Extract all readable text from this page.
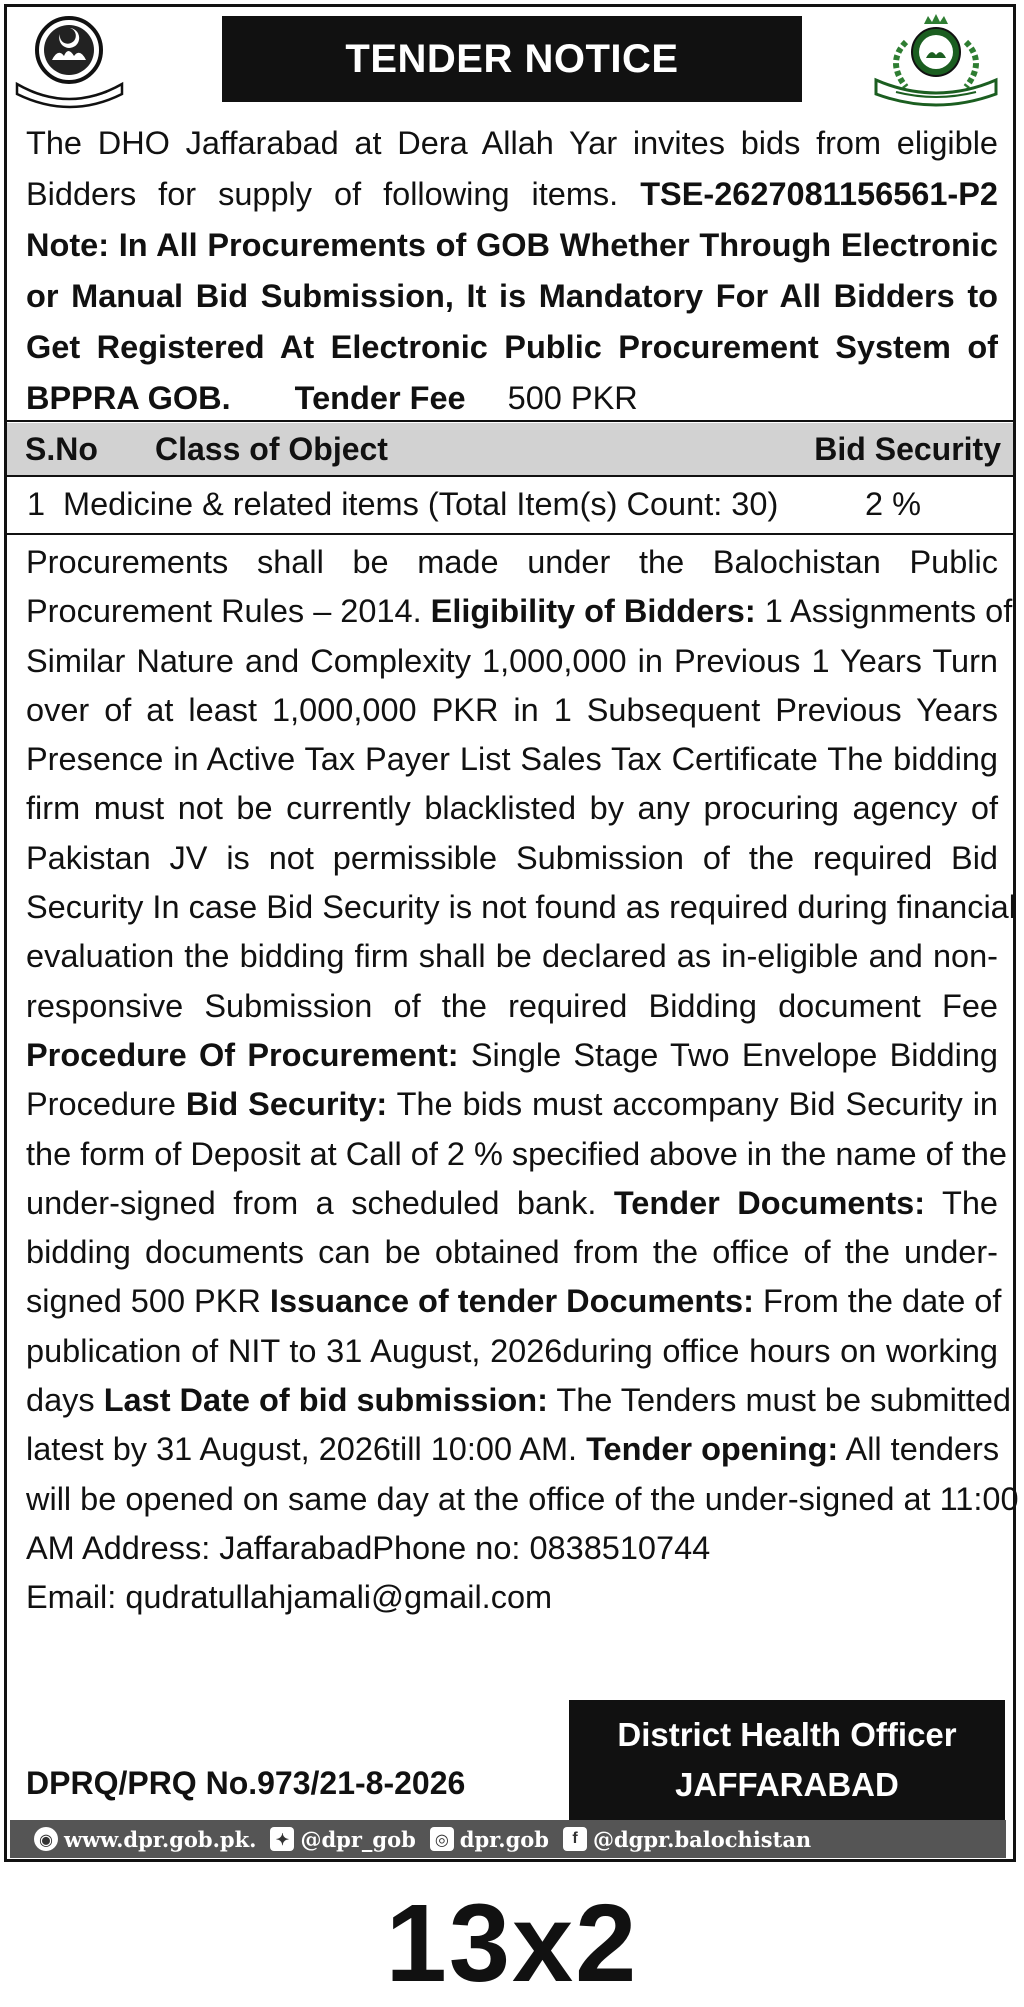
TENDER NOTICE
The DHO Jaffarabad at Dera Allah Yar invites bids from eligible
Bidders for supply of following items. TSE-2627081156561-P2
Note: In All Procurements of GOB Whether Through Electronic
or Manual Bid Submission, It is Mandatory For All Bidders to
Get Registered At Electronic Public Procurement System of
BPPRA GOB. Tender Fee 500 PKR
S.No Class of Object	Bid Security
1 Medicine & related items (Total Item(s) Count: 30)	2 %
Procurements shall be made under the Balochistan Public
Procurement Rules – 2014. Eligibility of Bidders: 1 Assignments of
Similar Nature and Complexity 1,000,000 in Previous 1 Years Turn
over of at least 1,000,000 PKR in 1 Subsequent Previous Years
Presence in Active Tax Payer List Sales Tax Certificate The bidding
firm must not be currently blacklisted by any procuring agency of
Pakistan JV is not permissible Submission of the required Bid
Security In case Bid Security is not found as required during financial
evaluation the bidding firm shall be declared as in-eligible and non-
responsive Submission of the required Bidding document Fee
Procedure Of Procurement: Single Stage Two Envelope Bidding
Procedure Bid Security: The bids must accompany Bid Security in
the form of Deposit at Call of 2 % specified above in the name of the
under-signed from a scheduled bank. Tender Documents: The
bidding documents can be obtained from the office of the under-
signed 500 PKR Issuance of tender Documents: From the date of
publication of NIT to 31 August, 2026during office hours on working
days Last Date of bid submission: The Tenders must be submitted
latest by 31 August, 2026till 10:00 AM. Tender opening: All tenders
will be opened on same day at the office of the under-signed at 11:00
AM Address: JaffarabadPhone no: 0838510744
Email: qudratullahjamali@gmail.com
District Health Officer
JAFFARABAD
DPRQ/PRQ No.973/21-8-2026
◉ www.dpr.gob.pk.	✦ @dpr_gob	◎ dpr.gob	f @dgpr.balochistan
13x2
